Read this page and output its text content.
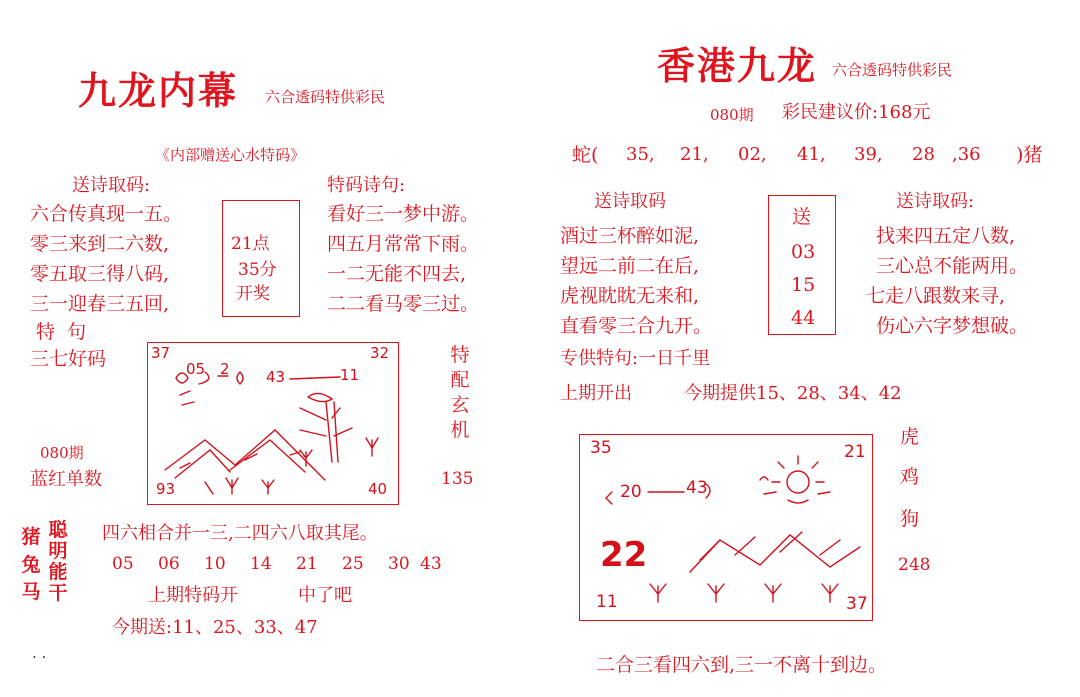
九龙内幕 六合透码特供彩民
《内部赠送心水特码》
送诗取码:	特码诗句:
六合传真现一五。
零三来到二六数,
零五取三得八码,
三一迎春三五回,
看好三一梦中游。
四五月常常下雨。
一二无能不四去,
二二看马零三过。
21点
35分
开奖
特  句
三七好码
080期
蓝红单数
特配玄机
135
37	32
93	40
05 2 43	11
猪兔马
聪明能干
四六相合并一三,二四六八取其尾。
05 06 10 14 21 25 30 43
上期特码开	中了吧
今期送:11、25、33、47
. .
香港九龙 六合透码特供彩民
080期 彩民建议价:168元
蛇( 35, 21, 02, 41, 39, 28 ,36 )猪
送诗取码	送诗取码:
酒过三杯醉如泥,
望远二前二在后,
虎视眈眈无来和,
直看零三合九开。
找来四五定八数,
三心总不能两用。
七走八跟数来寻,
伤心六字梦想破。
送
03
15
44
专供特句:一日千里
上期开出	今期提供15、28、34、42
虎
鸡
狗
248
35	21
11	37
20	43
22
二合三看四六到,三一不离十到边。
